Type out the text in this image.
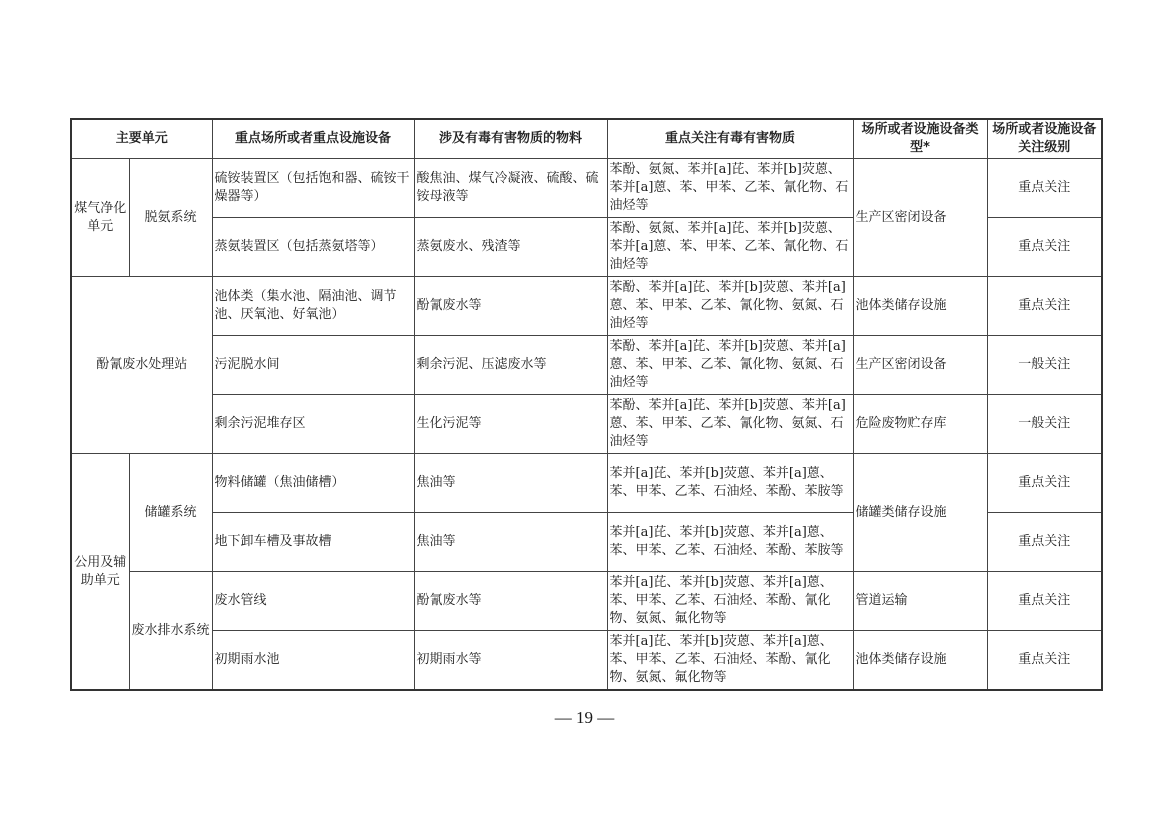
主要单元		重点场所或者重点设施设备	涉及有毒有害物质的物料	重点关注有毒有害物质	场所或者设施设备类型*	场所或者设施设备关注级别
煤气净化单元	脱氨系统	硫铵装置区（包括饱和器、硫铵干燥器等）	酸焦油、煤气冷凝液、硫酸、硫铵母液等	苯酚、氨氮、苯并[a]芘、苯并[b]荧蒽、苯并[a]蒽、苯、甲苯、乙苯、氰化物、石油烃等	生产区密闭设备	重点关注
		蒸氨装置区（包括蒸氨塔等）	蒸氨废水、残渣等	苯酚、氨氮、苯并[a]芘、苯并[b]荧蒽、苯并[a]蒽、苯、甲苯、乙苯、氰化物、石油烃等		重点关注
酚氰废水处理站		池体类（集水池、隔油池、调节池、厌氧池、好氧池）	酚氰废水等	苯酚、苯并[a]芘、苯并[b]荧蒽、苯并[a]蒽、苯、甲苯、乙苯、氰化物、氨氮、石油烃等	池体类储存设施	重点关注
		污泥脱水间	剩余污泥、压滤废水等	苯酚、苯并[a]芘、苯并[b]荧蒽、苯并[a]蒽、苯、甲苯、乙苯、氰化物、氨氮、石油烃等	生产区密闭设备	一般关注
		剩余污泥堆存区	生化污泥等	苯酚、苯并[a]芘、苯并[b]荧蒽、苯并[a]蒽、苯、甲苯、乙苯、氰化物、氨氮、石油烃等	危险废物贮存库	一般关注
公用及辅助单元	储罐系统	物料储罐（焦油储槽）	焦油等	苯并[a]芘、苯并[b]荧蒽、苯并[a]蒽、苯、甲苯、乙苯、石油烃、苯酚、苯胺等	储罐类储存设施	重点关注
		地下卸车槽及事故槽	焦油等	苯并[a]芘、苯并[b]荧蒽、苯并[a]蒽、苯、甲苯、乙苯、石油烃、苯酚、苯胺等		重点关注
	废水排水系统	废水管线	酚氰废水等	苯并[a]芘、苯并[b]荧蒽、苯并[a]蒽、苯、甲苯、乙苯、石油烃、苯酚、氰化物、氨氮、氟化物等	管道运输	重点关注
		初期雨水池	初期雨水等	苯并[a]芘、苯并[b]荧蒽、苯并[a]蒽、苯、甲苯、乙苯、石油烃、苯酚、氰化物、氨氮、氟化物等	池体类储存设施	重点关注
— 19 —
